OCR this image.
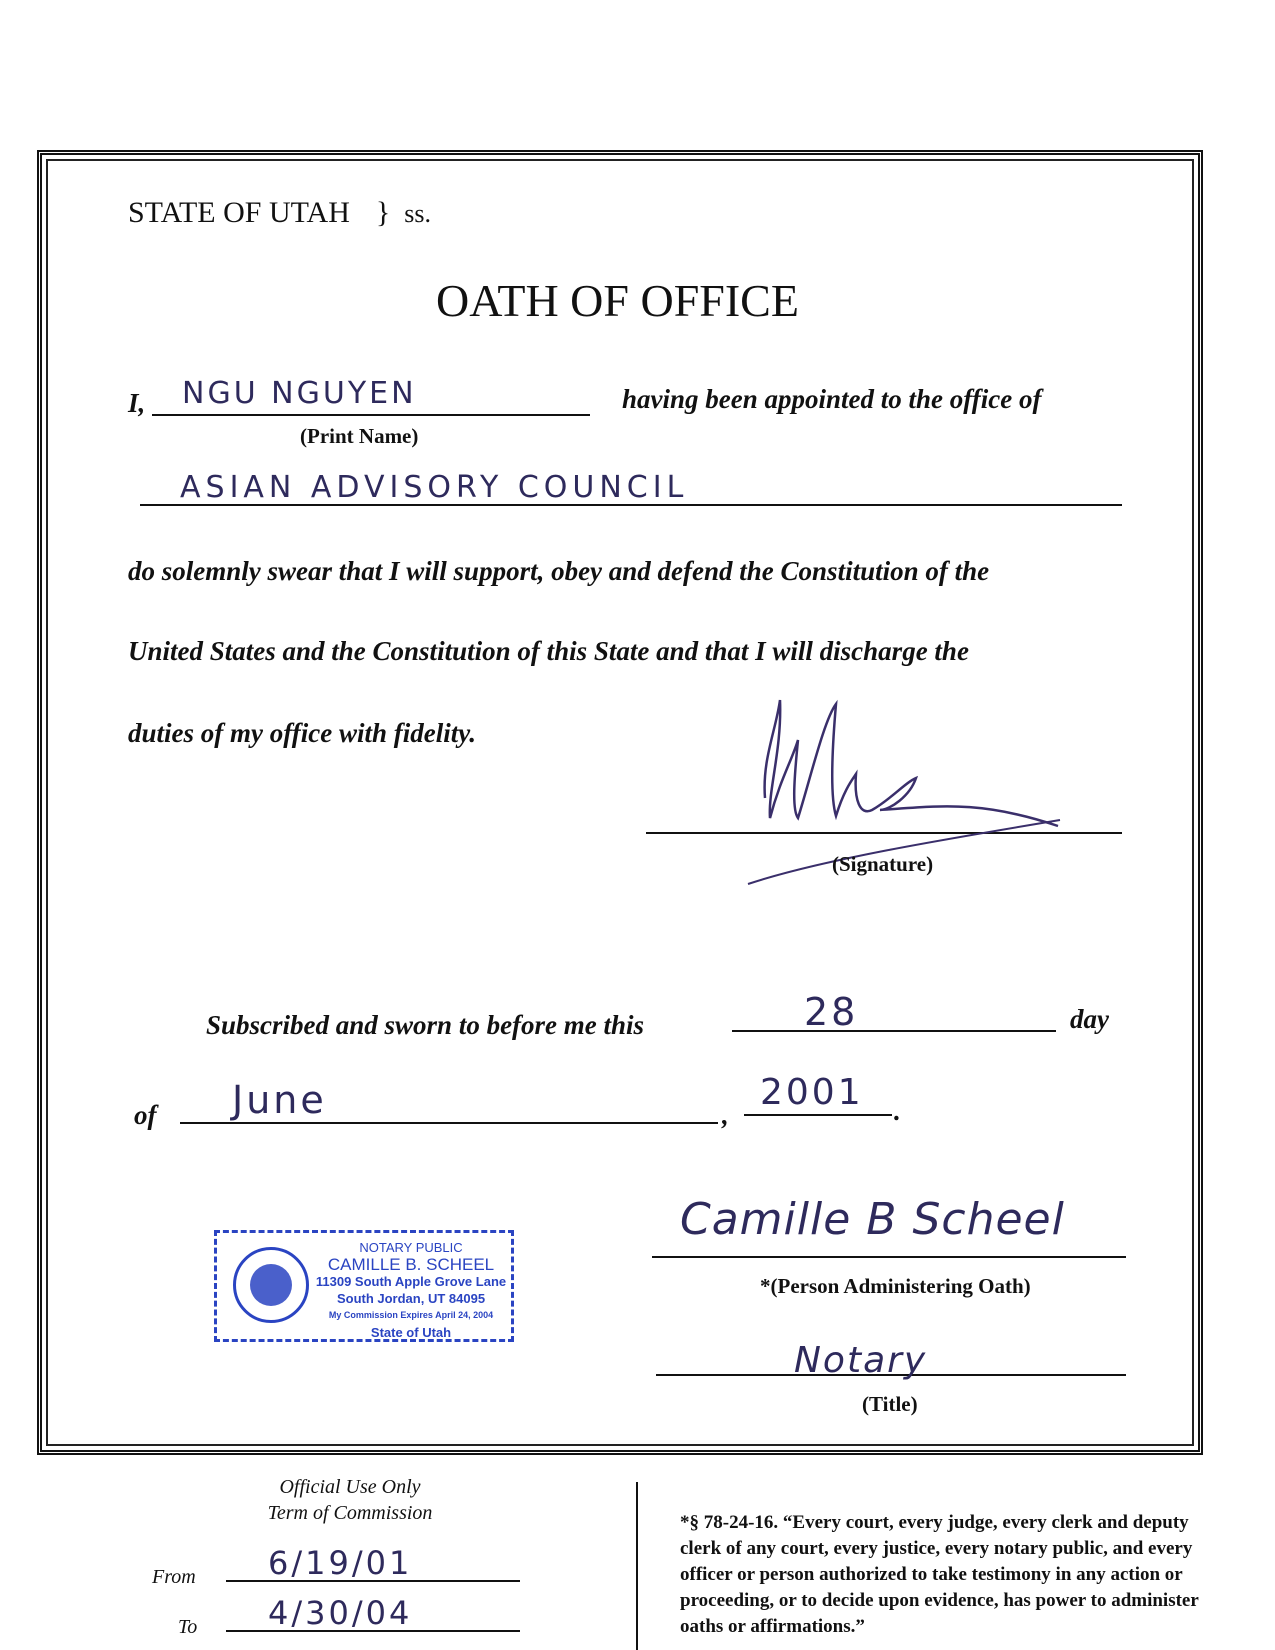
STATE OF UTAH } ss.
OATH OF OFFICE
I, NGU NGUYEN
(Print Name)
having been appointed to the office of
ASIAN ADVISORY COUNCIL
do solemnly swear that I will support, obey and defend the Constitution of the
United States and the Constitution of this State and that I will discharge the
duties of my office with fidelity.
(Signature)
Subscribed and sworn to before me this	28	day
of June	,
2001 .
NOTARY PUBLIC
CAMILLE B. SCHEEL
11309 South Apple Grove Lane
South Jordan, UT 84095
My Commission Expires April 24, 2004
State of Utah
Camille B Scheel
*(Person Administering Oath)
Notary
(Title)
Official Use Only
Term of Commission
From 6/19/01
To 4/30/04
*§ 78-24-16. “Every court, every judge, every clerk and deputy clerk of any court, every justice, every notary public, and every officer or person authorized to take testimony in any action or proceeding, or to decide upon evidence, has power to administer oaths or affirmations.”
